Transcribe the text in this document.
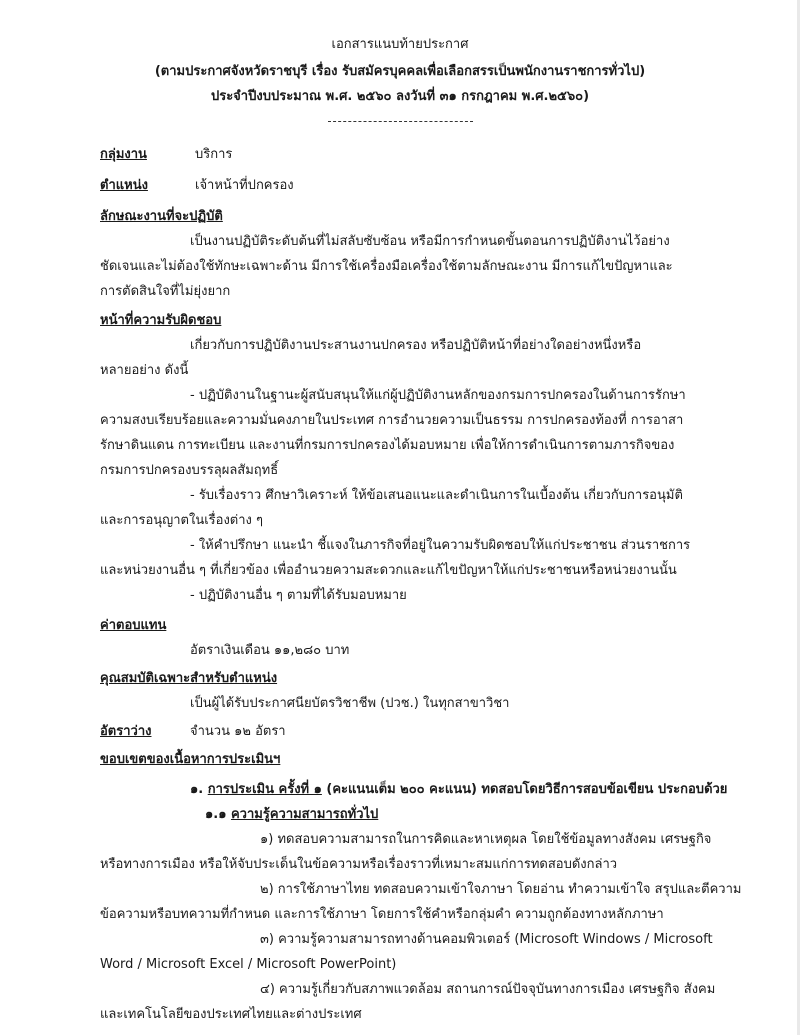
เอกสารแนบท้ายประกาศ
(ตามประกาศจังหวัดราชบุรี เรื่อง รับสมัครบุคคลเพื่อเลือกสรรเป็นพนักงานราชการทั่วไป)
ประจำปีงบประมาณ พ.ศ. ๒๕๖๐ ลงวันที่ ๓๑ กรกฎาคม พ.ศ.๒๕๖๐)
กลุ่มงาน	บริการ
ตำแหน่ง	เจ้าหน้าที่ปกครอง
ลักษณะงานที่จะปฏิบัติ
เป็นงานปฏิบัติระดับต้นที่ไม่สลับซับซ้อน หรือมีการกำหนดขั้นตอนการปฏิบัติงานไว้อย่าง
ชัดเจนและไม่ต้องใช้ทักษะเฉพาะด้าน มีการใช้เครื่องมือเครื่องใช้ตามลักษณะงาน มีการแก้ไขปัญหาและ
การตัดสินใจที่ไม่ยุ่งยาก
หน้าที่ความรับผิดชอบ
เกี่ยวกับการปฏิบัติงานประสานงานปกครอง หรือปฏิบัติหน้าที่อย่างใดอย่างหนึ่งหรือ
หลายอย่าง ดังนี้
- ปฏิบัติงานในฐานะผู้สนับสนุนให้แก่ผู้ปฏิบัติงานหลักของกรมการปกครองในด้านการรักษา
ความสงบเรียบร้อยและความมั่นคงภายในประเทศ การอำนวยความเป็นธรรม การปกครองท้องที่ การอาสา
รักษาดินแดน การทะเบียน และงานที่กรมการปกครองได้มอบหมาย เพื่อให้การดำเนินการตามภารกิจของ
กรมการปกครองบรรลุผลสัมฤทธิ์
- รับเรื่องราว ศึกษาวิเคราะห์ ให้ข้อเสนอแนะและดำเนินการในเบื้องต้น เกี่ยวกับการอนุมัติ
และการอนุญาตในเรื่องต่าง ๆ
- ให้คำปรึกษา แนะนำ ชี้แจงในภารกิจที่อยู่ในความรับผิดชอบให้แก่ประชาชน ส่วนราชการ
และหน่วยงานอื่น ๆ ที่เกี่ยวข้อง เพื่ออำนวยความสะดวกและแก้ไขปัญหาให้แก่ประชาชนหรือหน่วยงานนั้น
- ปฏิบัติงานอื่น ๆ ตามที่ได้รับมอบหมาย
ค่าตอบแทน
อัตราเงินเดือน ๑๑,๒๘๐ บาท
คุณสมบัติเฉพาะสำหรับตำแหน่ง
เป็นผู้ได้รับประกาศนียบัตรวิชาชีพ (ปวช.) ในทุกสาขาวิชา
อัตราว่าง	จำนวน ๑๒ อัตรา
ขอบเขตของเนื้อหาการประเมินฯ
๑. การประเมิน ครั้งที่ ๑ (คะแนนเต็ม ๒๐๐ คะแนน) ทดสอบโดยวิธีการสอบข้อเขียน ประกอบด้วย
๑.๑ ความรู้ความสามารถทั่วไป
๑) ทดสอบความสามารถในการคิดและหาเหตุผล โดยใช้ข้อมูลทางสังคม เศรษฐกิจ
หรือทางการเมือง หรือให้จับประเด็นในข้อความหรือเรื่องราวที่เหมาะสมแก่การทดสอบดังกล่าว
๒) การใช้ภาษาไทย ทดสอบความเข้าใจภาษา โดยอ่าน ทำความเข้าใจ สรุปและตีความ
ข้อความหรือบทความที่กำหนด และการใช้ภาษา โดยการใช้คำหรือกลุ่มคำ ความถูกต้องทางหลักภาษา
๓) ความรู้ความสามารถทางด้านคอมพิวเตอร์ (Microsoft Windows / Microsoft
Word / Microsoft Excel / Microsoft PowerPoint)
๔) ความรู้เกี่ยวกับสภาพแวดล้อม สถานการณ์ปัจจุบันทางการเมือง เศรษฐกิจ สังคม
และเทคโนโลยีของประเทศไทยและต่างประเทศ
